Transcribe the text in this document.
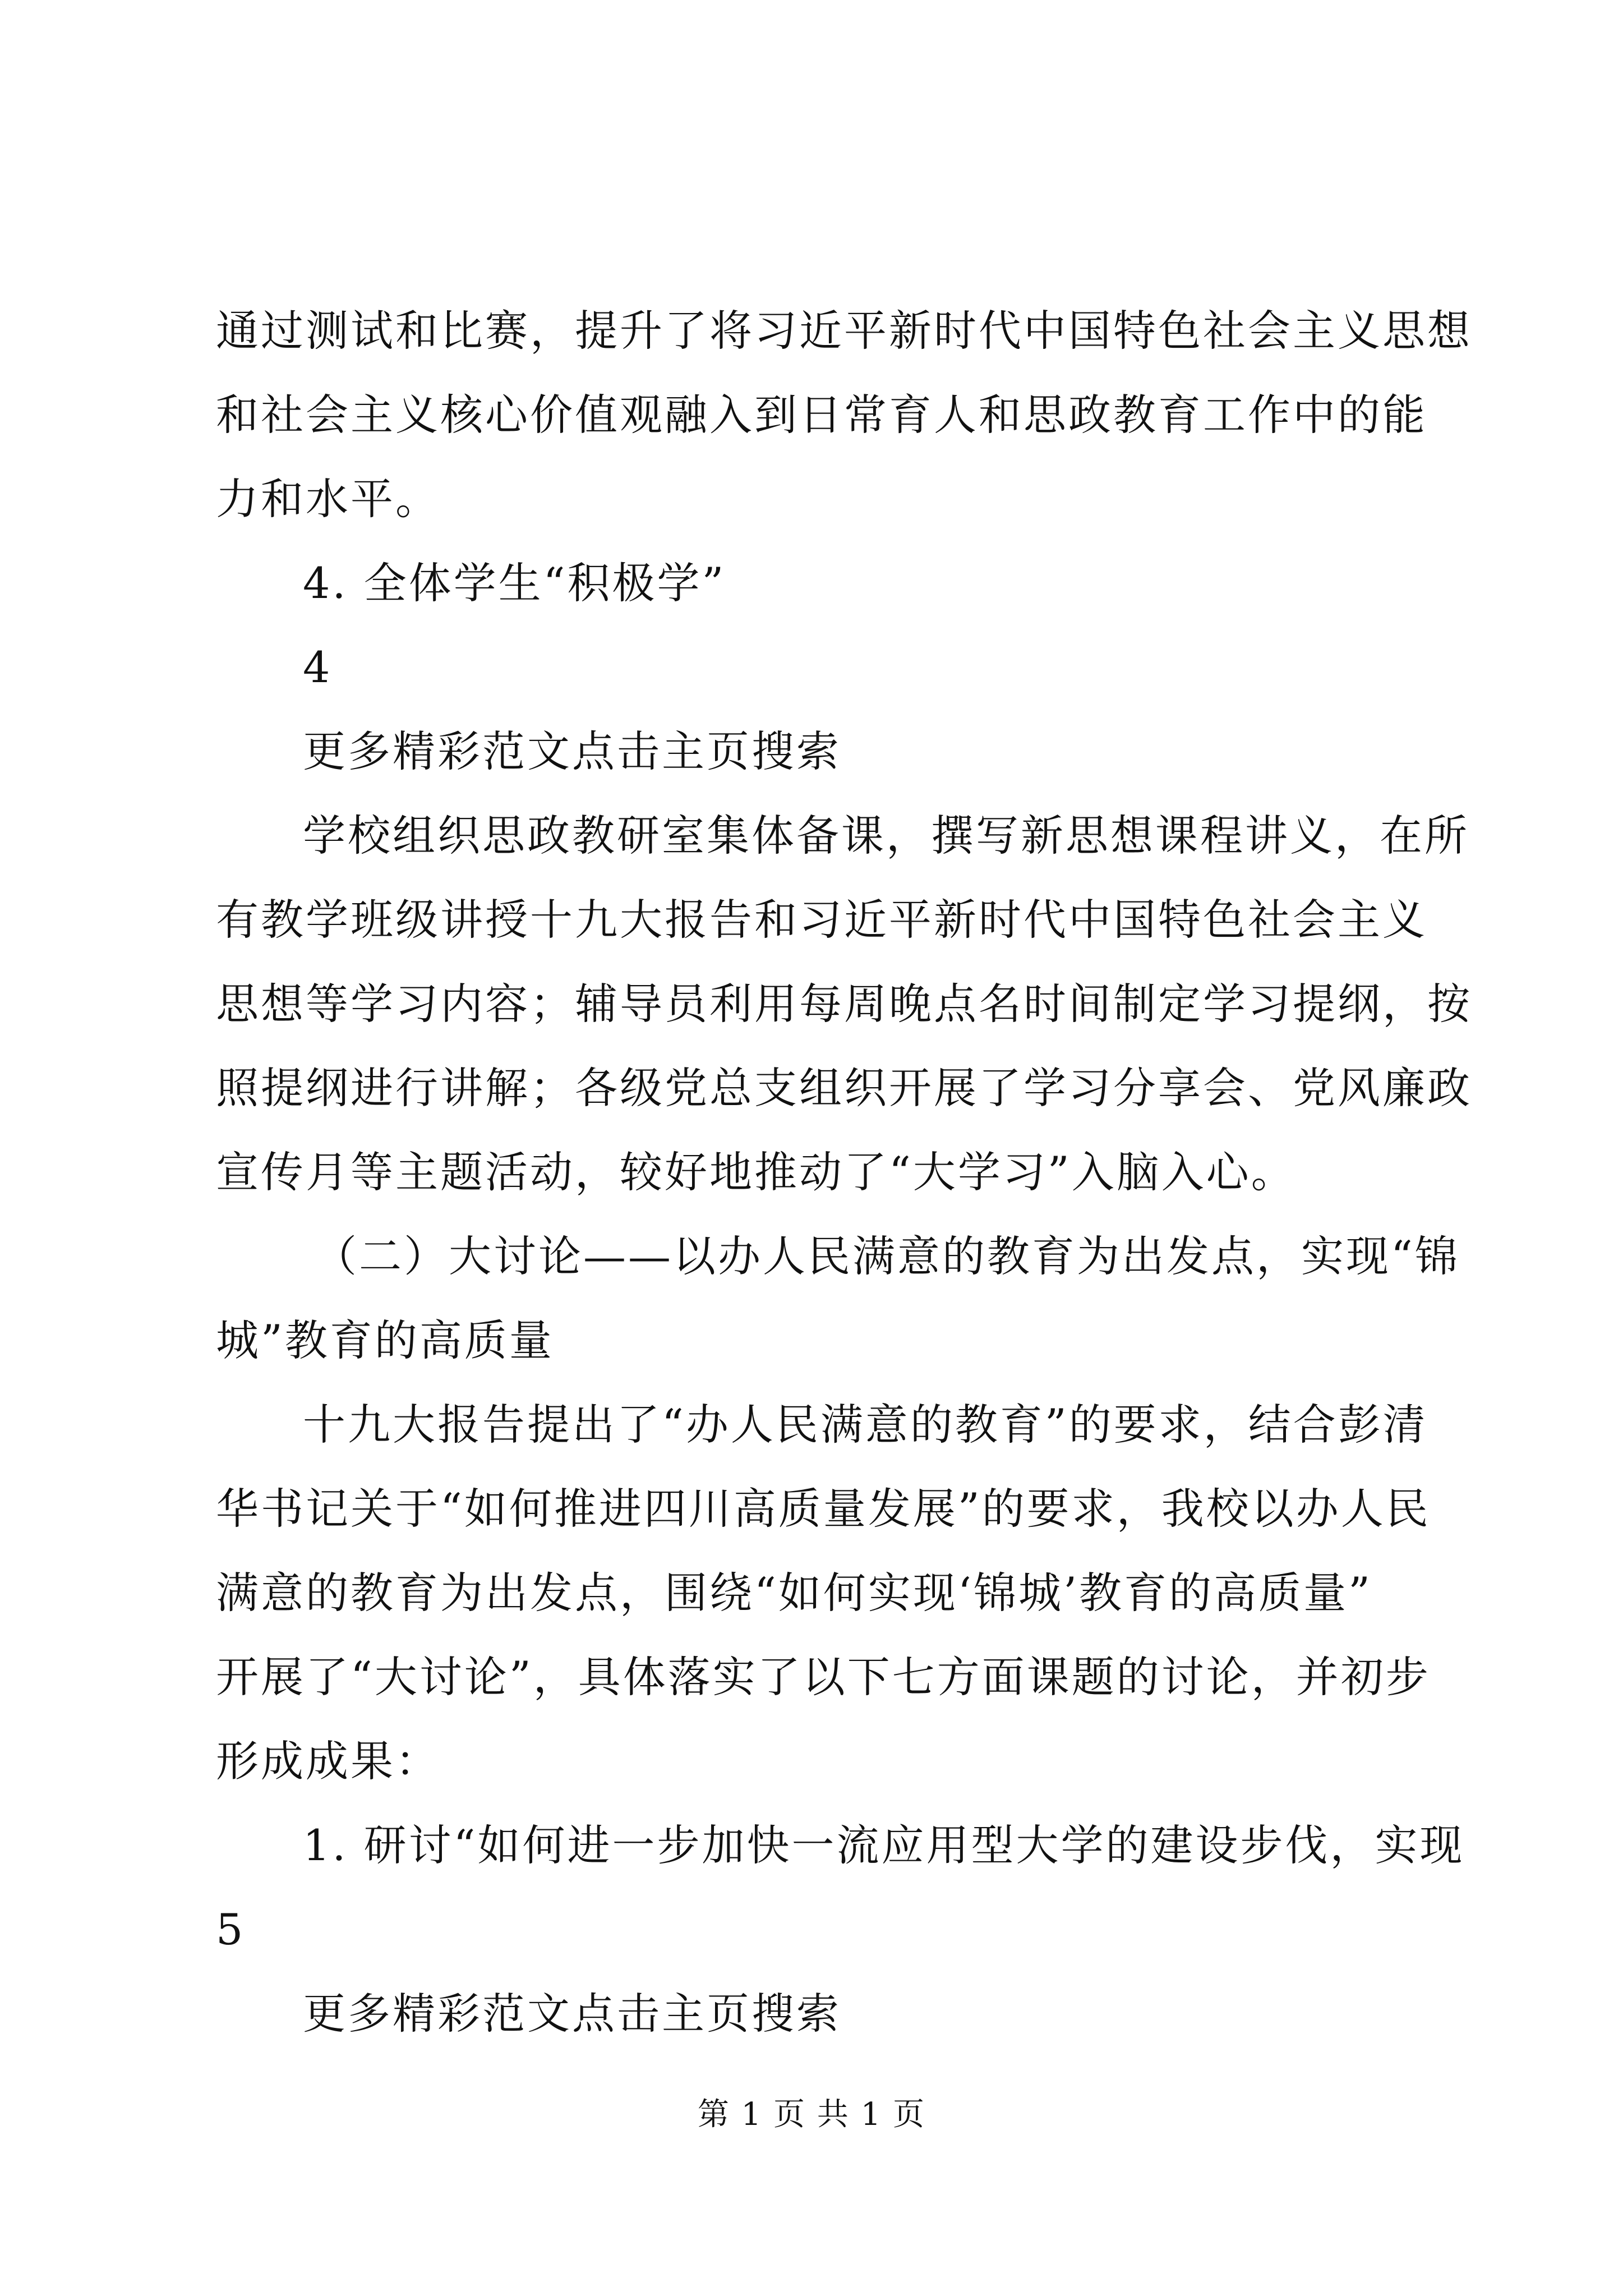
通过测试和比赛，提升了将习近平新时代中国特色社会主义思想
和社会主义核心价值观融入到日常育人和思政教育工作中的能
力和水平。
4. 全体学生“积极学”
4
更多精彩范文点击主页搜索
学校组织思政教研室集体备课，撰写新思想课程讲义，在所
有教学班级讲授十九大报告和习近平新时代中国特色社会主义
思想等学习内容；辅导员利用每周晚点名时间制定学习提纲，按
照提纲进行讲解；各级党总支组织开展了学习分享会、党风廉政
宣传月等主题活动，较好地推动了“大学习”入脑入心。
（二）大讨论——以办人民满意的教育为出发点，实现“锦
城”教育的高质量
十九大报告提出了“办人民满意的教育”的要求，结合彭清
华书记关于“如何推进四川高质量发展”的要求，我校以办人民
满意的教育为出发点，围绕“如何实现‘锦城’教育的高质量”
开展了“大讨论”，具体落实了以下七方面课题的讨论，并初步
形成成果：
1. 研讨“如何进一步加快一流应用型大学的建设步伐，实现
5
更多精彩范文点击主页搜索
第 1 页 共 1 页
